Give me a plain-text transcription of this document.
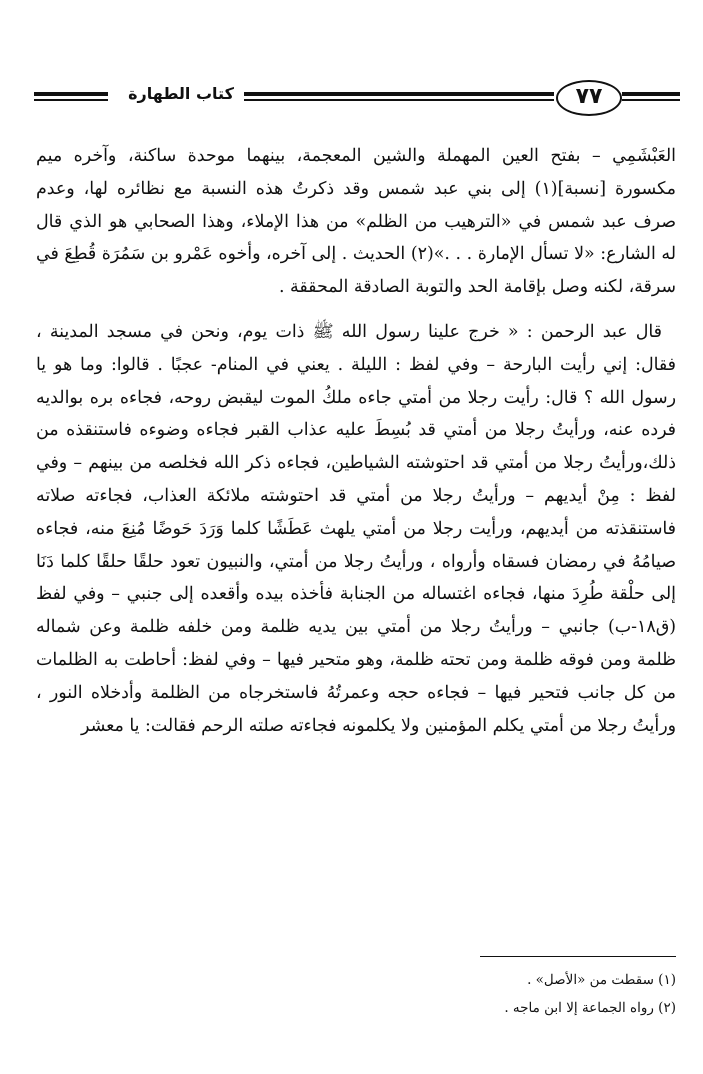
كتاب الطهارة	٧٧

العَبْشَمِي – بفتح العين المهملة والشين المعجمة، بينهما موحدة ساكنة، وآخره ميم مكسورة [نسبة](١) إلى بني عبد شمس وقد ذكرتُ هذه النسبة مع نظائره لها، وعدم صرف عبد شمس في «الترهيب من الظلم» من هذا الإملاء، وهذا الصحابي هو الذي قال له الشارع: «لا تسأل الإمارة . . .»(٢) الحديث . إلى آخره، وأخوه عَمْرو بن سَمُرَة قُطِعَ في سرقة، لكنه وصل بإقامة الحد والتوبة الصادقة المحققة .

قال عبد الرحمن : « خرج علينا رسول الله ﷺ ذات يوم، ونحن في مسجد المدينة ، فقال: إني رأيت البارحة – وفي لفظ : الليلة . يعني في المنام- عجبًا . قالوا: وما هو يا رسول الله ؟ قال: رأيت رجلا من أمتي جاءه ملكُ الموت ليقبض روحه، فجاءه بره بوالديه فرده عنه، ورأيتُ رجلا من أمتي قد بُسِطَ عليه عذاب القبر فجاءه وضوءه فاستنقذه من ذلك،ورأيتُ رجلا من أمتي قد احتوشته الشياطين، فجاءه ذكر الله فخلصه من بينهم – وفي لفظ : مِنْ أيديهم – ورأيتُ رجلا من أمتي قد احتوشته ملائكة العذاب، فجاءته صلاته فاستنقذته من أيديهم، ورأيت رجلا من أمتي يلهث عَطَشًا كلما وَرَدَ حَوضًا مُنِعَ منه، فجاءه صيامُهُ في رمضان فسقاه وأرواه ، ورأيتُ رجلا من أمتي، والنبيون تعود حلقًا حلقًا كلما دَنَا إلى حلْقة طُرِدَ منها، فجاءه اغتساله من الجنابة فأخذه بيده وأقعده إلى جنبي – وفي لفظ (ق١٨-ب) جانبي – ورأيتُ رجلا من أمتي بين يديه ظلمة ومن خلفه ظلمة وعن شماله ظلمة ومن فوقه ظلمة ومن تحته ظلمة، وهو متحير فيها – وفي لفظ: أحاطت به الظلمات من كل جانب فتحير فيها – فجاءه حجه وعمرتُهُ فاستخرجاه من الظلمة وأدخلاه النور ، ورأيتُ رجلا من أمتي يكلم المؤمنين ولا يكلمونه فجاءته صلته الرحم فقالت: يا معشر

(١) سقطت من «الأصل» .

(٢) رواه الجماعة إلا ابن ماجه .
